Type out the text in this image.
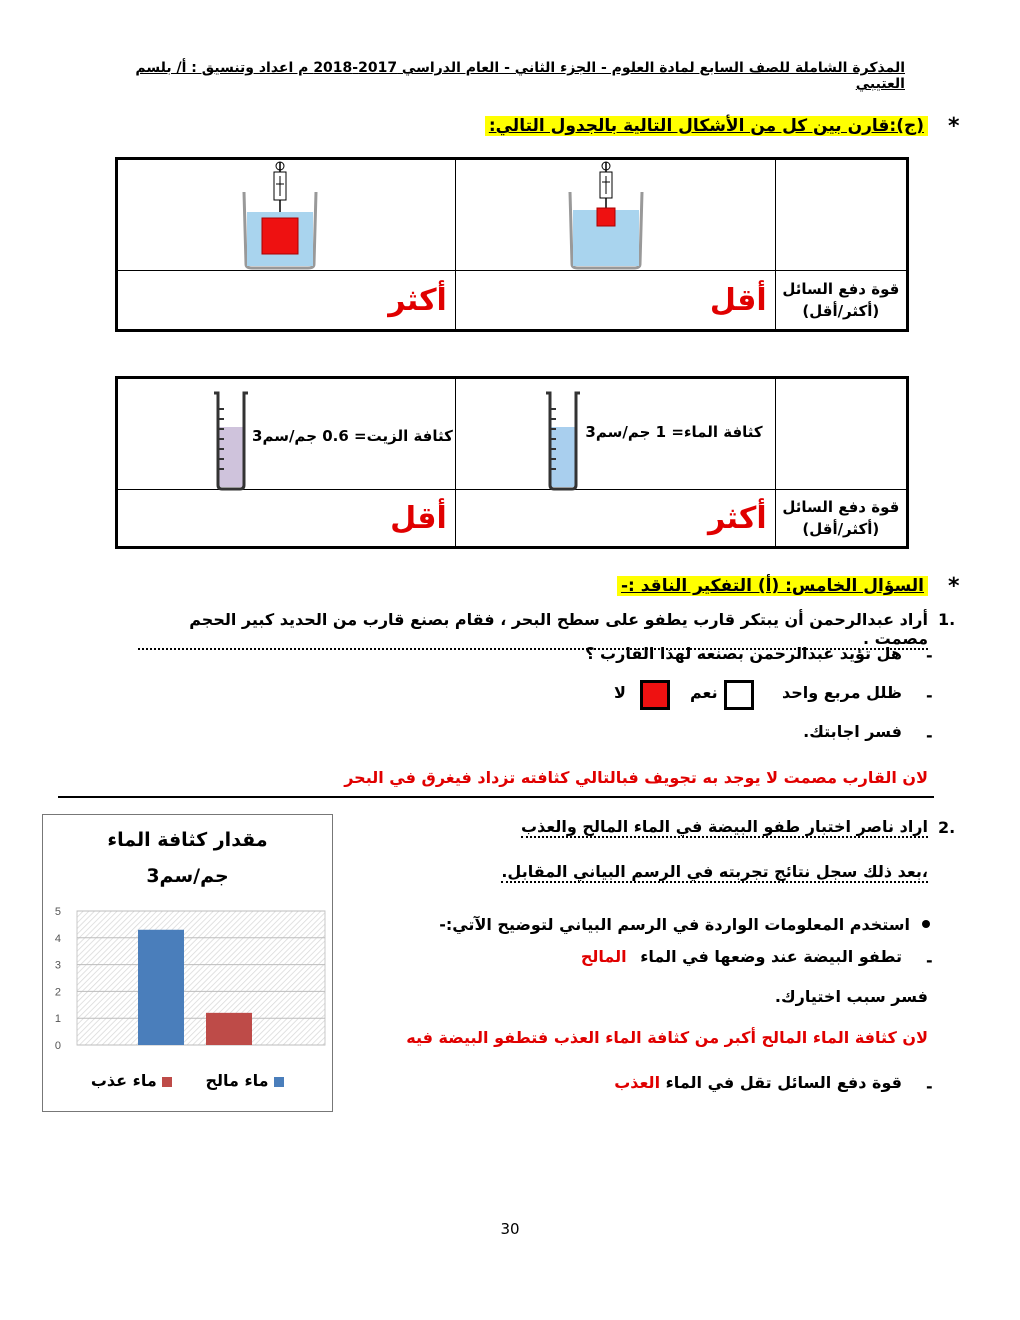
المذكرة الشاملة للصف السابع لمادة العلوم - الجزء الثاني - العام الدراسي 2017-2018 م اعداد وتنسيق : أ/ بلسم العتيبي
*
(ج):قارن بين كل من الأشكال التالية بالجدول التالي:

أكثر	أقل	قوة دفع السائل
(أكثر/أقل)
كثافة الزيت= 0.6 جم/سم3	كثافة الماء= 1 جم/سم3	

أقل	أكثر	قوة دفع السائل
(أكثر/أقل)
*
السؤال الخامس: (أ) التفكير الناقد :-
1.
أراد عبدالرحمن أن يبتكر قارب يطفو على سطح البحر ، فقام بصنع قارب من الحديد كبير الحجم مصمت .
-
هل تؤيد عبدالرحمن بصنعه لهذا القارب ؟
-
ظلل مربع واحد
نعم
لا
-
فسر اجابتك.
لان القارب مصمت لا يوجد به تجويف فبالتالي كثافته تزداد فيغرق في البحر
2.
اراد ناصر اختبار طفو البيضة في الماء المالح والعذب
،بعد ذلك سجل نتائج تجربته في الرسم البياني المقابل.
استخدم المعلومات الواردة في الرسم البياني لتوضيح الآتي:-
-
تطفو البيضة عند وضعها في الماء المالح
فسر سبب اختيارك.
لان كثافة الماء المالح أكبر من كثافة الماء العذب فتطفو البيضة فيه
-
قوة دفع السائل تقل في الماء العذب
مقدار كثافة الماء
جم/سم3
0
1
2
3
4
5
ماء مالح   ماء عذب
30
